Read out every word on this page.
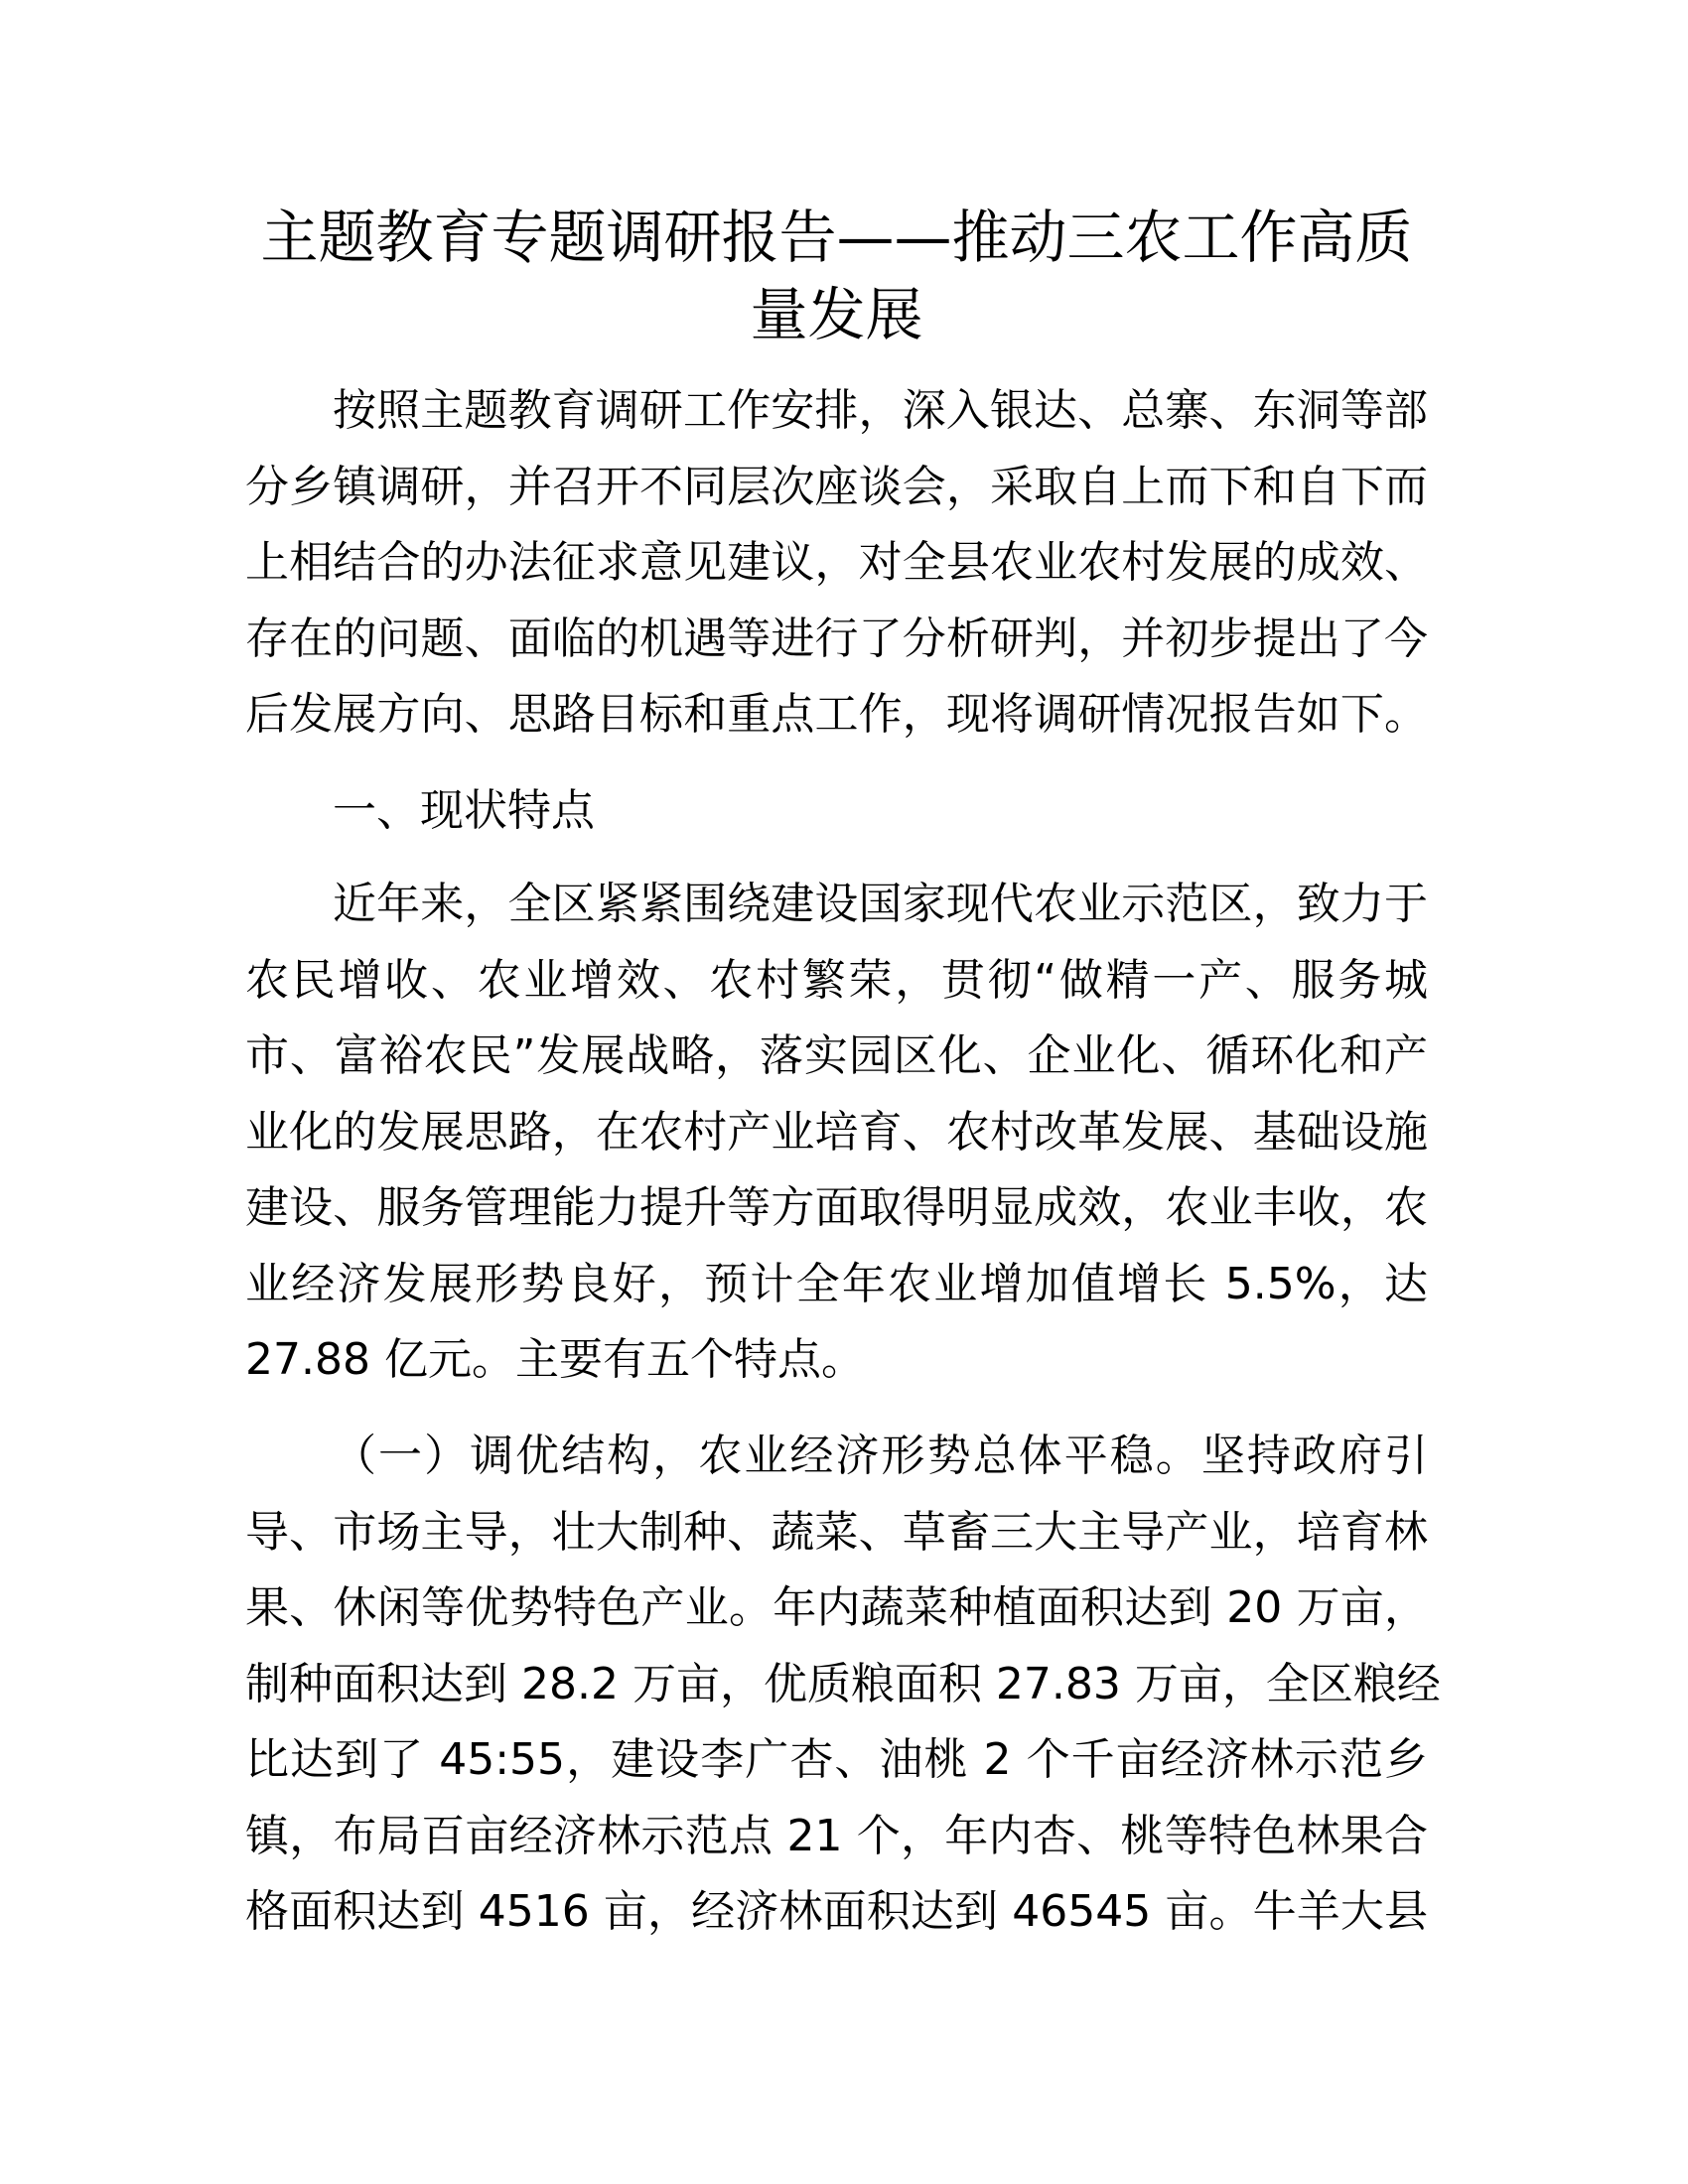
主题教育专题调研报告——推动三农工作高质
量发展
按照主题教育调研工作安排，深入银达、总寨、东洞等部
分乡镇调研，并召开不同层次座谈会，采取自上而下和自下而
上相结合的办法征求意见建议，对全县农业农村发展的成效、
存在的问题、面临的机遇等进行了分析研判，并初步提出了今
后发展方向、思路目标和重点工作，现将调研情况报告如下。
一、现状特点
近年来，全区紧紧围绕建设国家现代农业示范区，致力于
农民增收、农业增效、农村繁荣，贯彻“做精一产、服务城
市、富裕农民”发展战略，落实园区化、企业化、循环化和产
业化的发展思路，在农村产业培育、农村改革发展、基础设施
建设、服务管理能力提升等方面取得明显成效，农业丰收，农
业经济发展形势良好，预计全年农业增加值增长 5.5%，达
27.88 亿元。主要有五个特点。
（一）调优结构，农业经济形势总体平稳。坚持政府引
导、市场主导，壮大制种、蔬菜、草畜三大主导产业，培育林
果、休闲等优势特色产业。年内蔬菜种植面积达到 20 万亩，
制种面积达到 28.2 万亩，优质粮面积 27.83 万亩，全区粮经
比达到了 45:55，建设李广杏、油桃 2 个千亩经济林示范乡
镇，布局百亩经济林示范点 21 个，年内杏、桃等特色林果合
格面积达到 4516 亩，经济林面积达到 46545 亩。牛羊大县
